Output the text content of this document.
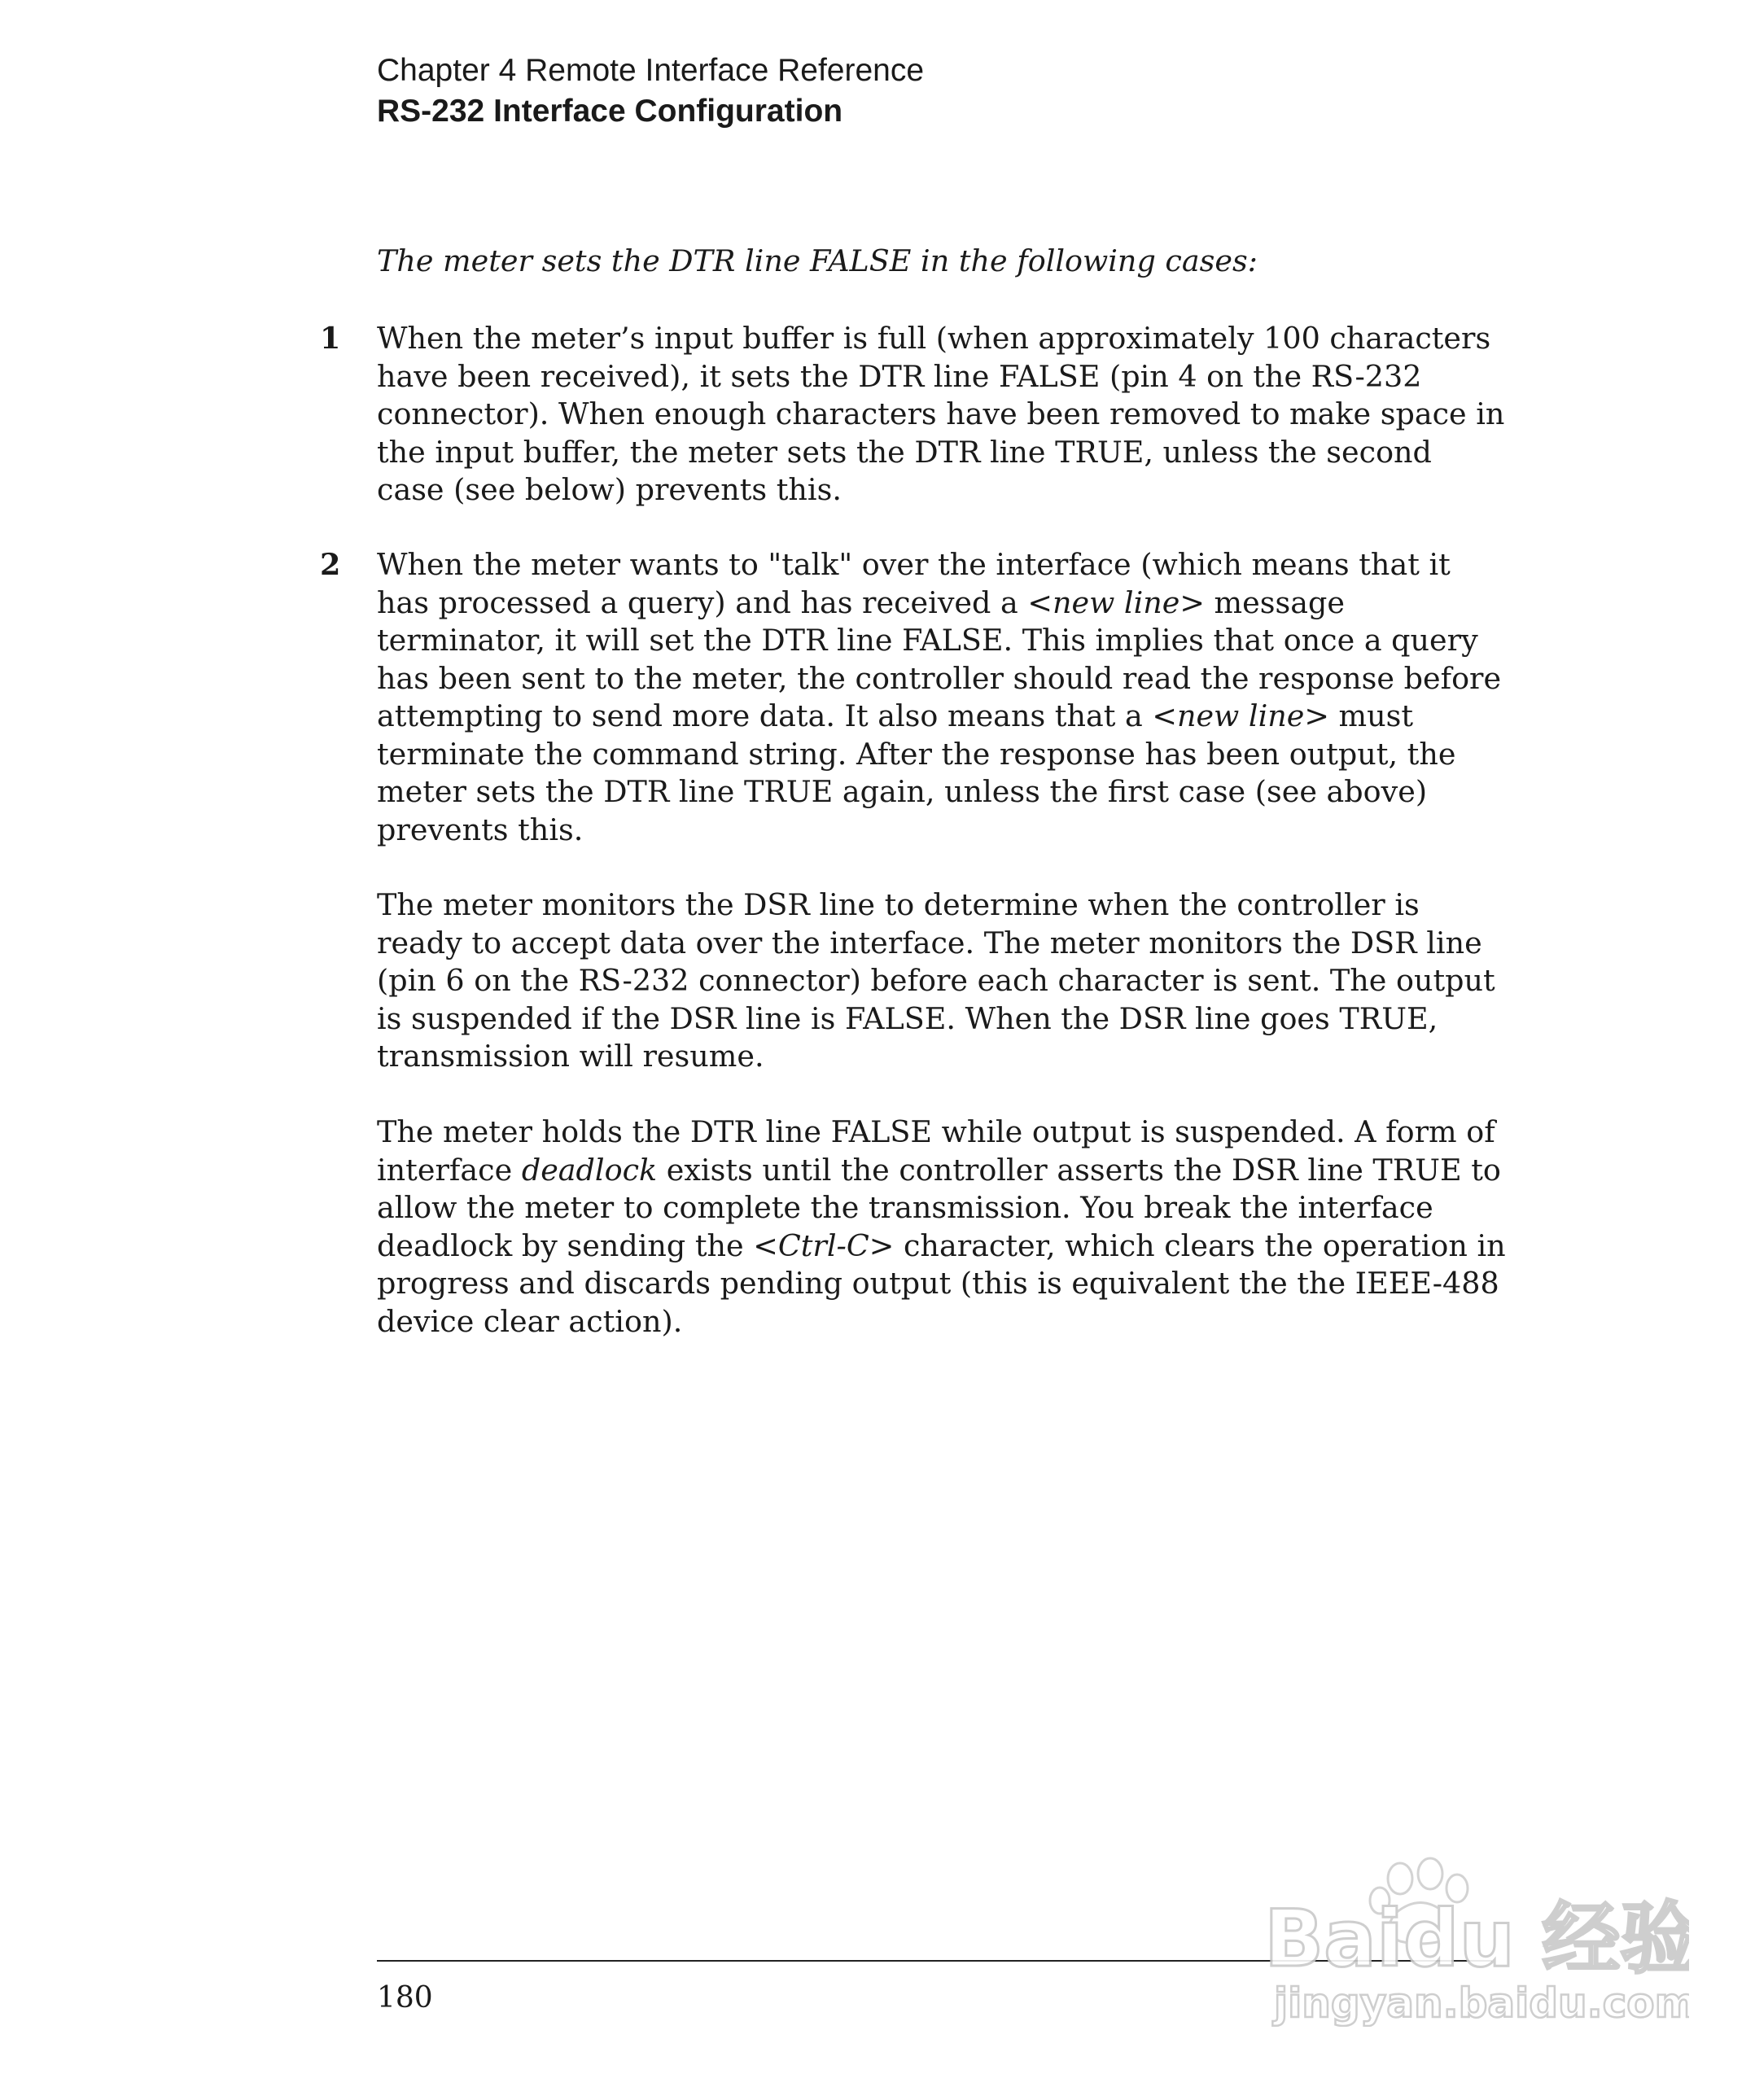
Chapter 4 Remote Interface Reference
RS-232 Interface Configuration

The meter sets the DTR line FALSE in the following cases:

1 When the meter’s input buffer is full (when approximately 100 characters have been received), it sets the DTR line FALSE (pin 4 on the RS-232 connector). When enough characters have been removed to make space in the input buffer, the meter sets the DTR line TRUE, unless the second case (see below) prevents this.

2 When the meter wants to "talk" over the interface (which means that it has processed a query) and has received a <new line> message terminator, it will set the DTR line FALSE. This implies that once a query has been sent to the meter, the controller should read the response before attempting to send more data. It also means that a <new line> must terminate the command string. After the response has been output, the meter sets the DTR line TRUE again, unless the first case (see above) prevents this.

The meter monitors the DSR line to determine when the controller is ready to accept data over the interface. The meter monitors the DSR line (pin 6 on the RS-232 connector) before each character is sent. The output is suspended if the DSR line is FALSE. When the DSR line goes TRUE, transmission will resume.

The meter holds the DTR line FALSE while output is suspended. A form of interface deadlock exists until the controller asserts the DSR line TRUE to allow the meter to complete the transmission. You break the interface deadlock by sending the <Ctrl-C> character, which clears the operation in progress and discards pending output (this is equivalent the the IEEE-488 device clear action).

180
Baidu 经验
jingyan.baidu.com
